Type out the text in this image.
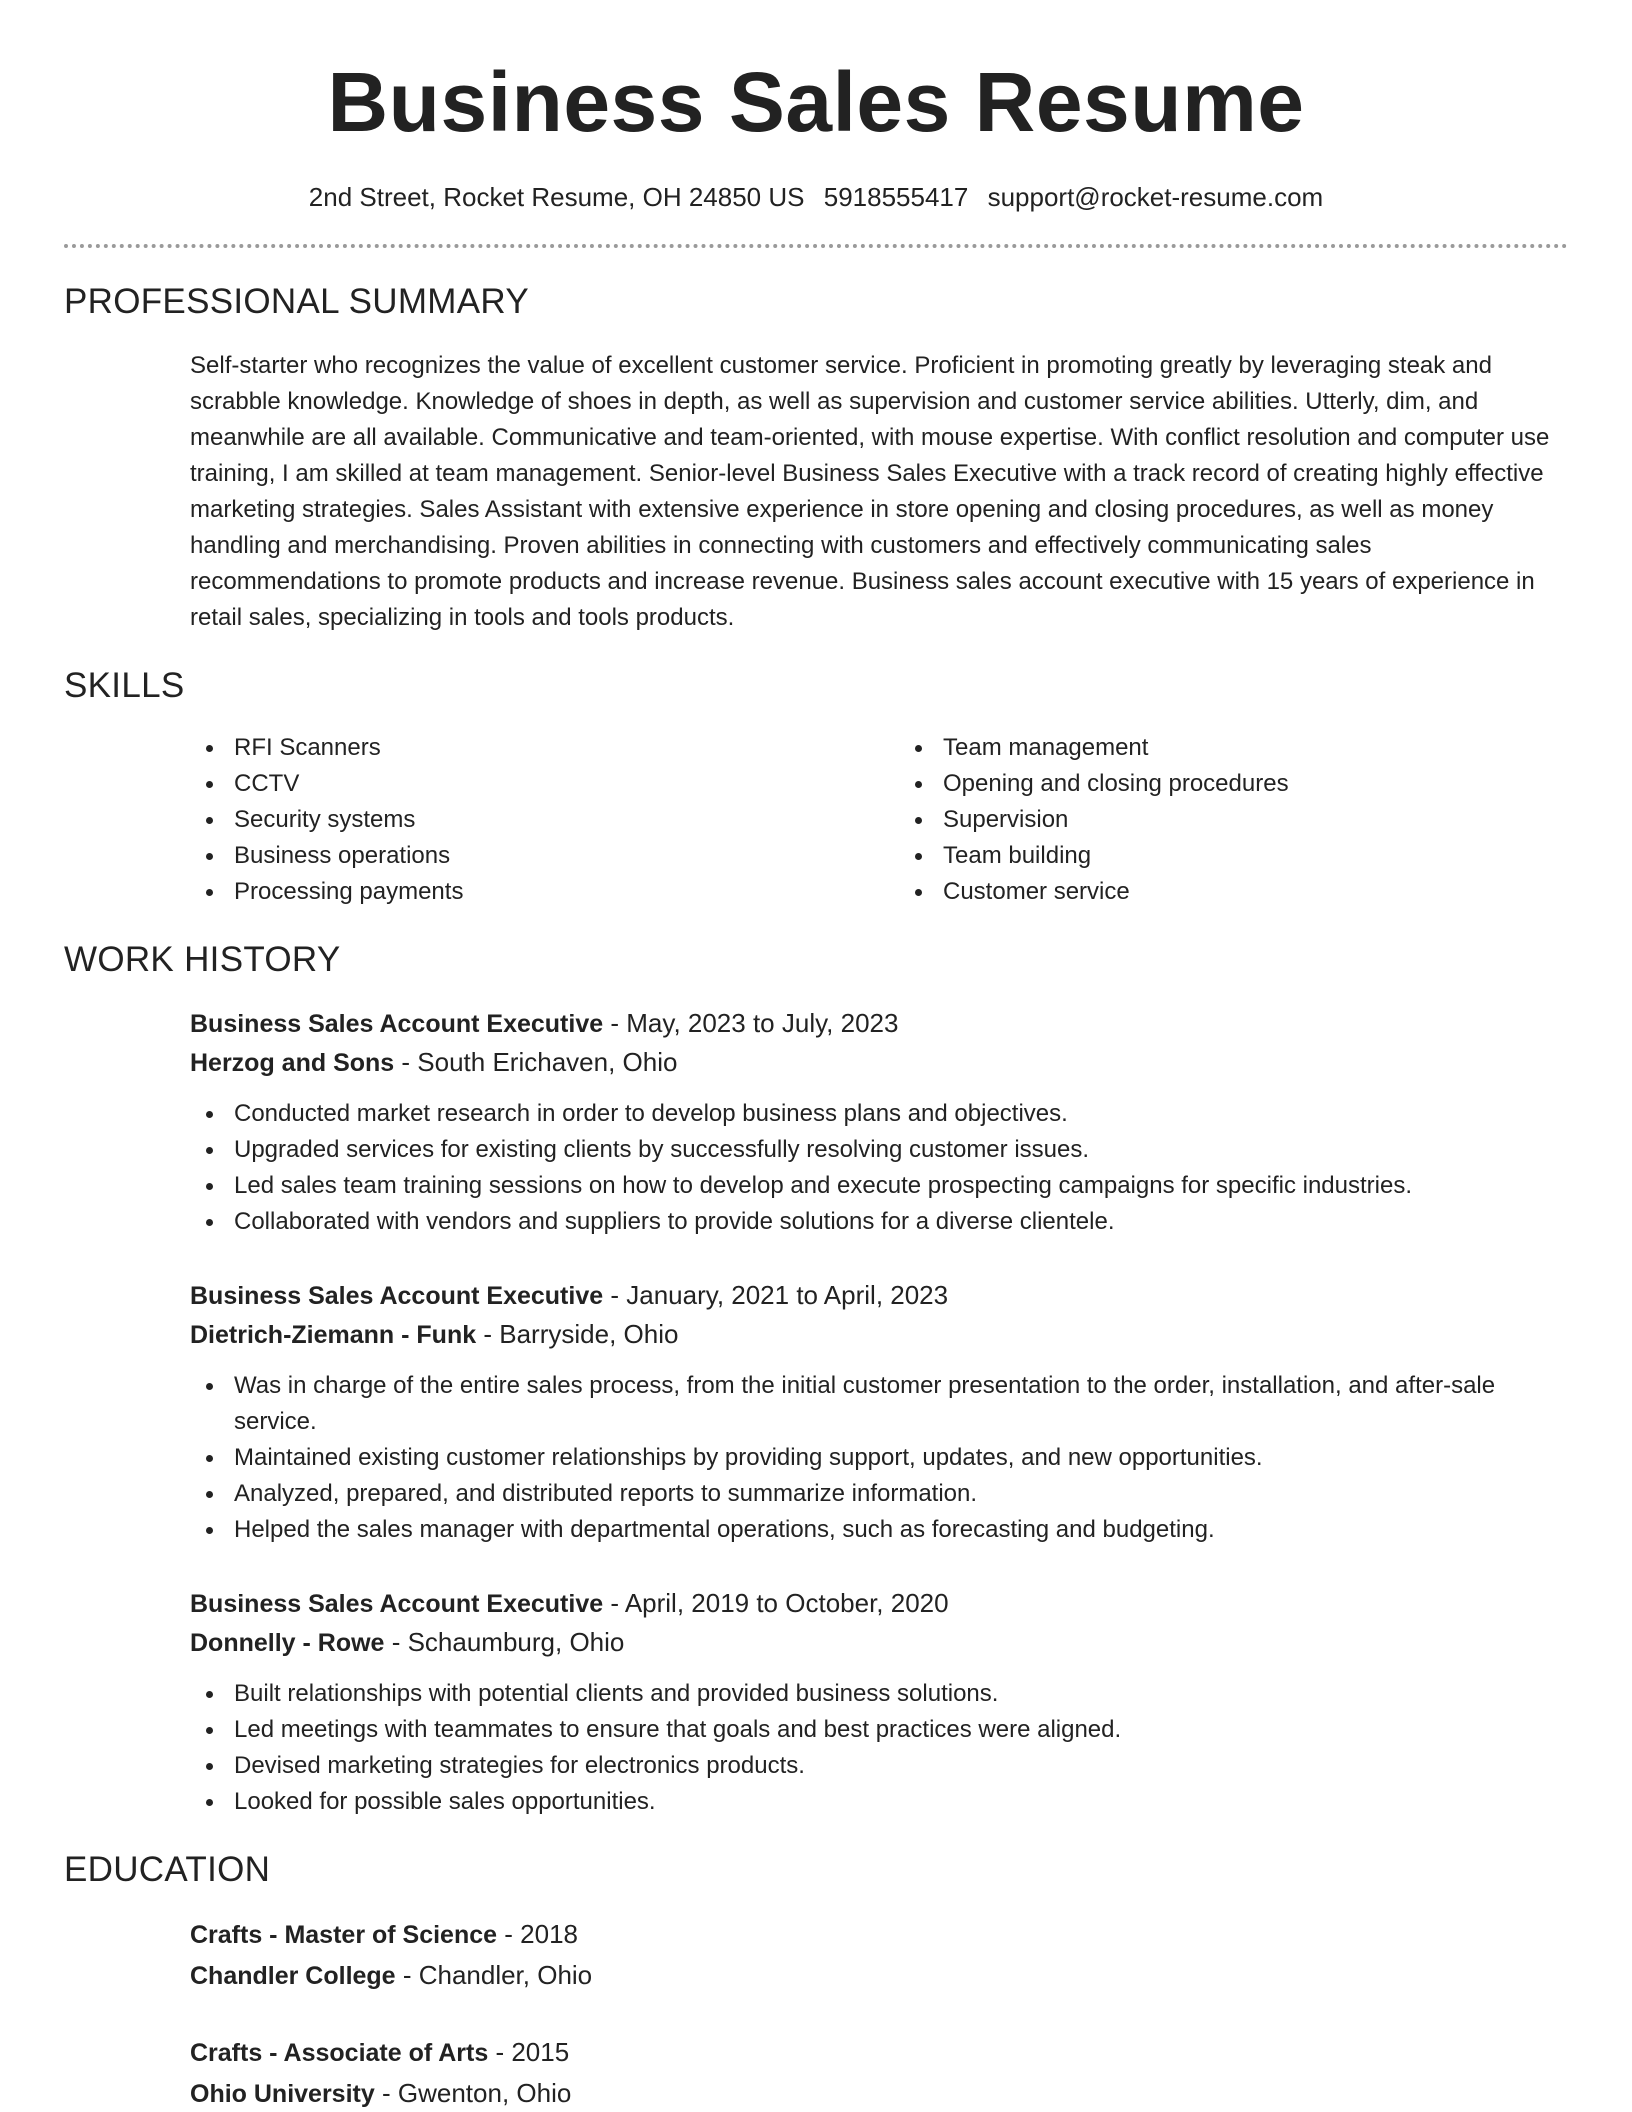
Business Sales Resume
2nd Street, Rocket Resume, OH 24850 US 5918555417 support@rocket-resume.com
PROFESSIONAL SUMMARY

Self-starter who recognizes the value of excellent customer service. Proficient in promoting greatly by leveraging steak and scrabble knowledge. Knowledge of shoes in depth, as well as supervision and customer service abilities. Utterly, dim, and meanwhile are all available. Communicative and team-oriented, with mouse expertise. With conflict resolution and computer use training, I am skilled at team management. Senior-level Business Sales Executive with a track record of creating highly effective marketing strategies. Sales Assistant with extensive experience in store opening and closing procedures, as well as money handling and merchandising. Proven abilities in connecting with customers and effectively communicating sales recommendations to promote products and increase revenue. Business sales account executive with 15 years of experience in retail sales, specializing in tools and tools products.

SKILLS
RFI Scanners
CCTV
Security systems
Business operations
Processing payments
Team management
Opening and closing procedures
Supervision
Team building
Customer service
WORK HISTORY
Business Sales Account Executive - May, 2023 to July, 2023
Herzog and Sons - South Erichaven, Ohio
Conducted market research in order to develop business plans and objectives.
Upgraded services for existing clients by successfully resolving customer issues.
Led sales team training sessions on how to develop and execute prospecting campaigns for specific industries.
Collaborated with vendors and suppliers to provide solutions for a diverse clientele.
Business Sales Account Executive - January, 2021 to April, 2023
Dietrich-Ziemann - Funk - Barryside, Ohio
Was in charge of the entire sales process, from the initial customer presentation to the order, installation, and after-sale service.
Maintained existing customer relationships by providing support, updates, and new opportunities.
Analyzed, prepared, and distributed reports to summarize information.
Helped the sales manager with departmental operations, such as forecasting and budgeting.
Business Sales Account Executive - April, 2019 to October, 2020
Donnelly - Rowe - Schaumburg, Ohio
Built relationships with potential clients and provided business solutions.
Led meetings with teammates to ensure that goals and best practices were aligned.
Devised marketing strategies for electronics products.
Looked for possible sales opportunities.
EDUCATION
Crafts - Master of Science - 2018
Chandler College - Chandler, Ohio
Crafts - Associate of Arts - 2015
Ohio University - Gwenton, Ohio
